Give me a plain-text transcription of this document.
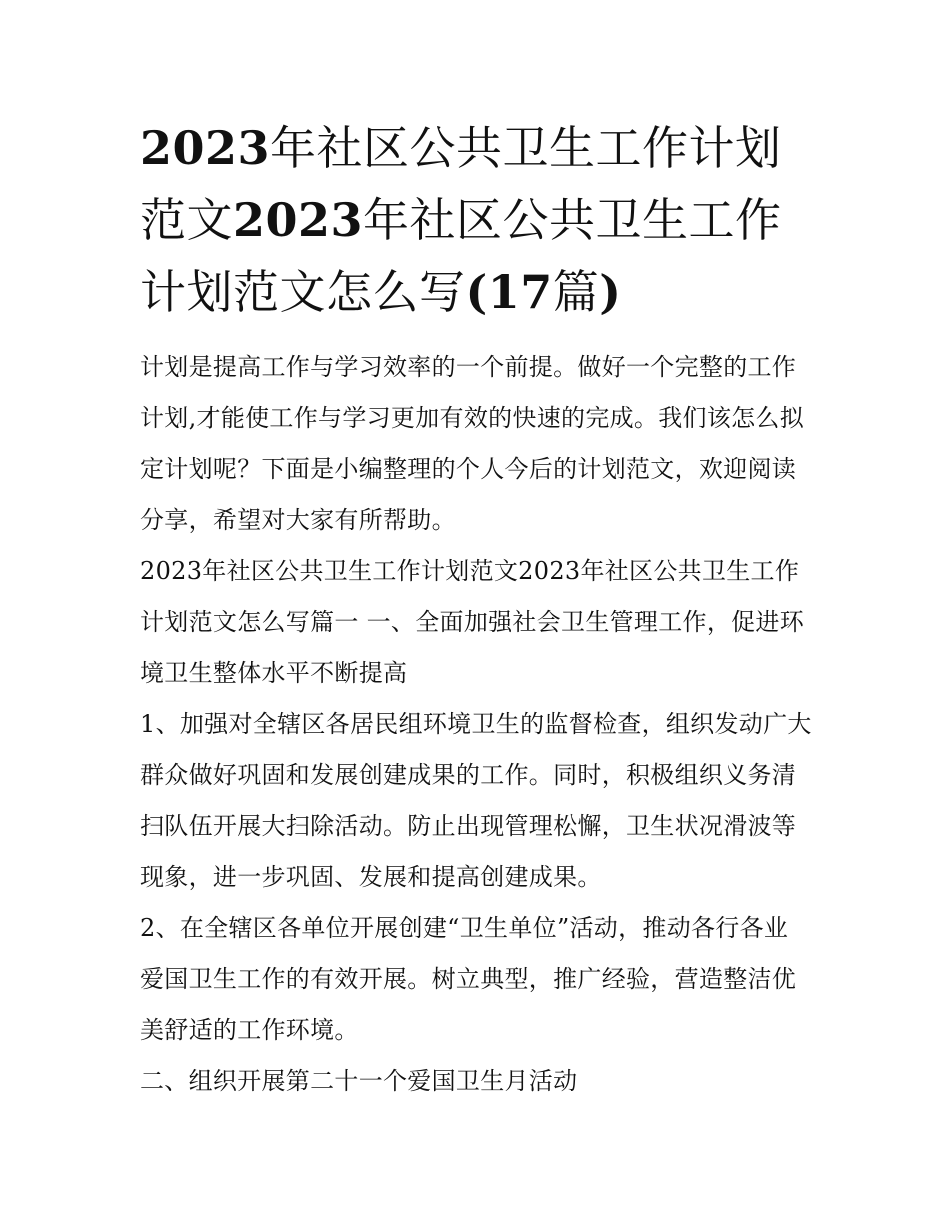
2023年社区公共卫生工作计划范文2023年社区公共卫生工作计划范文怎么写(17篇)

计划是提高工作与学习效率的一个前提。做好一个完整的工作计划,才能使工作与学习更加有效的快速的完成。我们该怎么拟定计划呢？下面是小编整理的个人今后的计划范文，欢迎阅读分享，希望对大家有所帮助。

2023年社区公共卫生工作计划范文2023年社区公共卫生工作计划范文怎么写篇一 一、全面加强社会卫生管理工作，促进环境卫生整体水平不断提高

1、加强对全辖区各居民组环境卫生的监督检查，组织发动广大群众做好巩固和发展创建成果的工作。同时，积极组织义务清扫队伍开展大扫除活动。防止出现管理松懈，卫生状况滑波等现象，进一步巩固、发展和提高创建成果。

2、在全辖区各单位开展创建“卫生单位”活动，推动各行各业爱国卫生工作的有效开展。树立典型，推广经验，营造整洁优美舒适的工作环境。

二、组织开展第二十一个爱国卫生月活动
